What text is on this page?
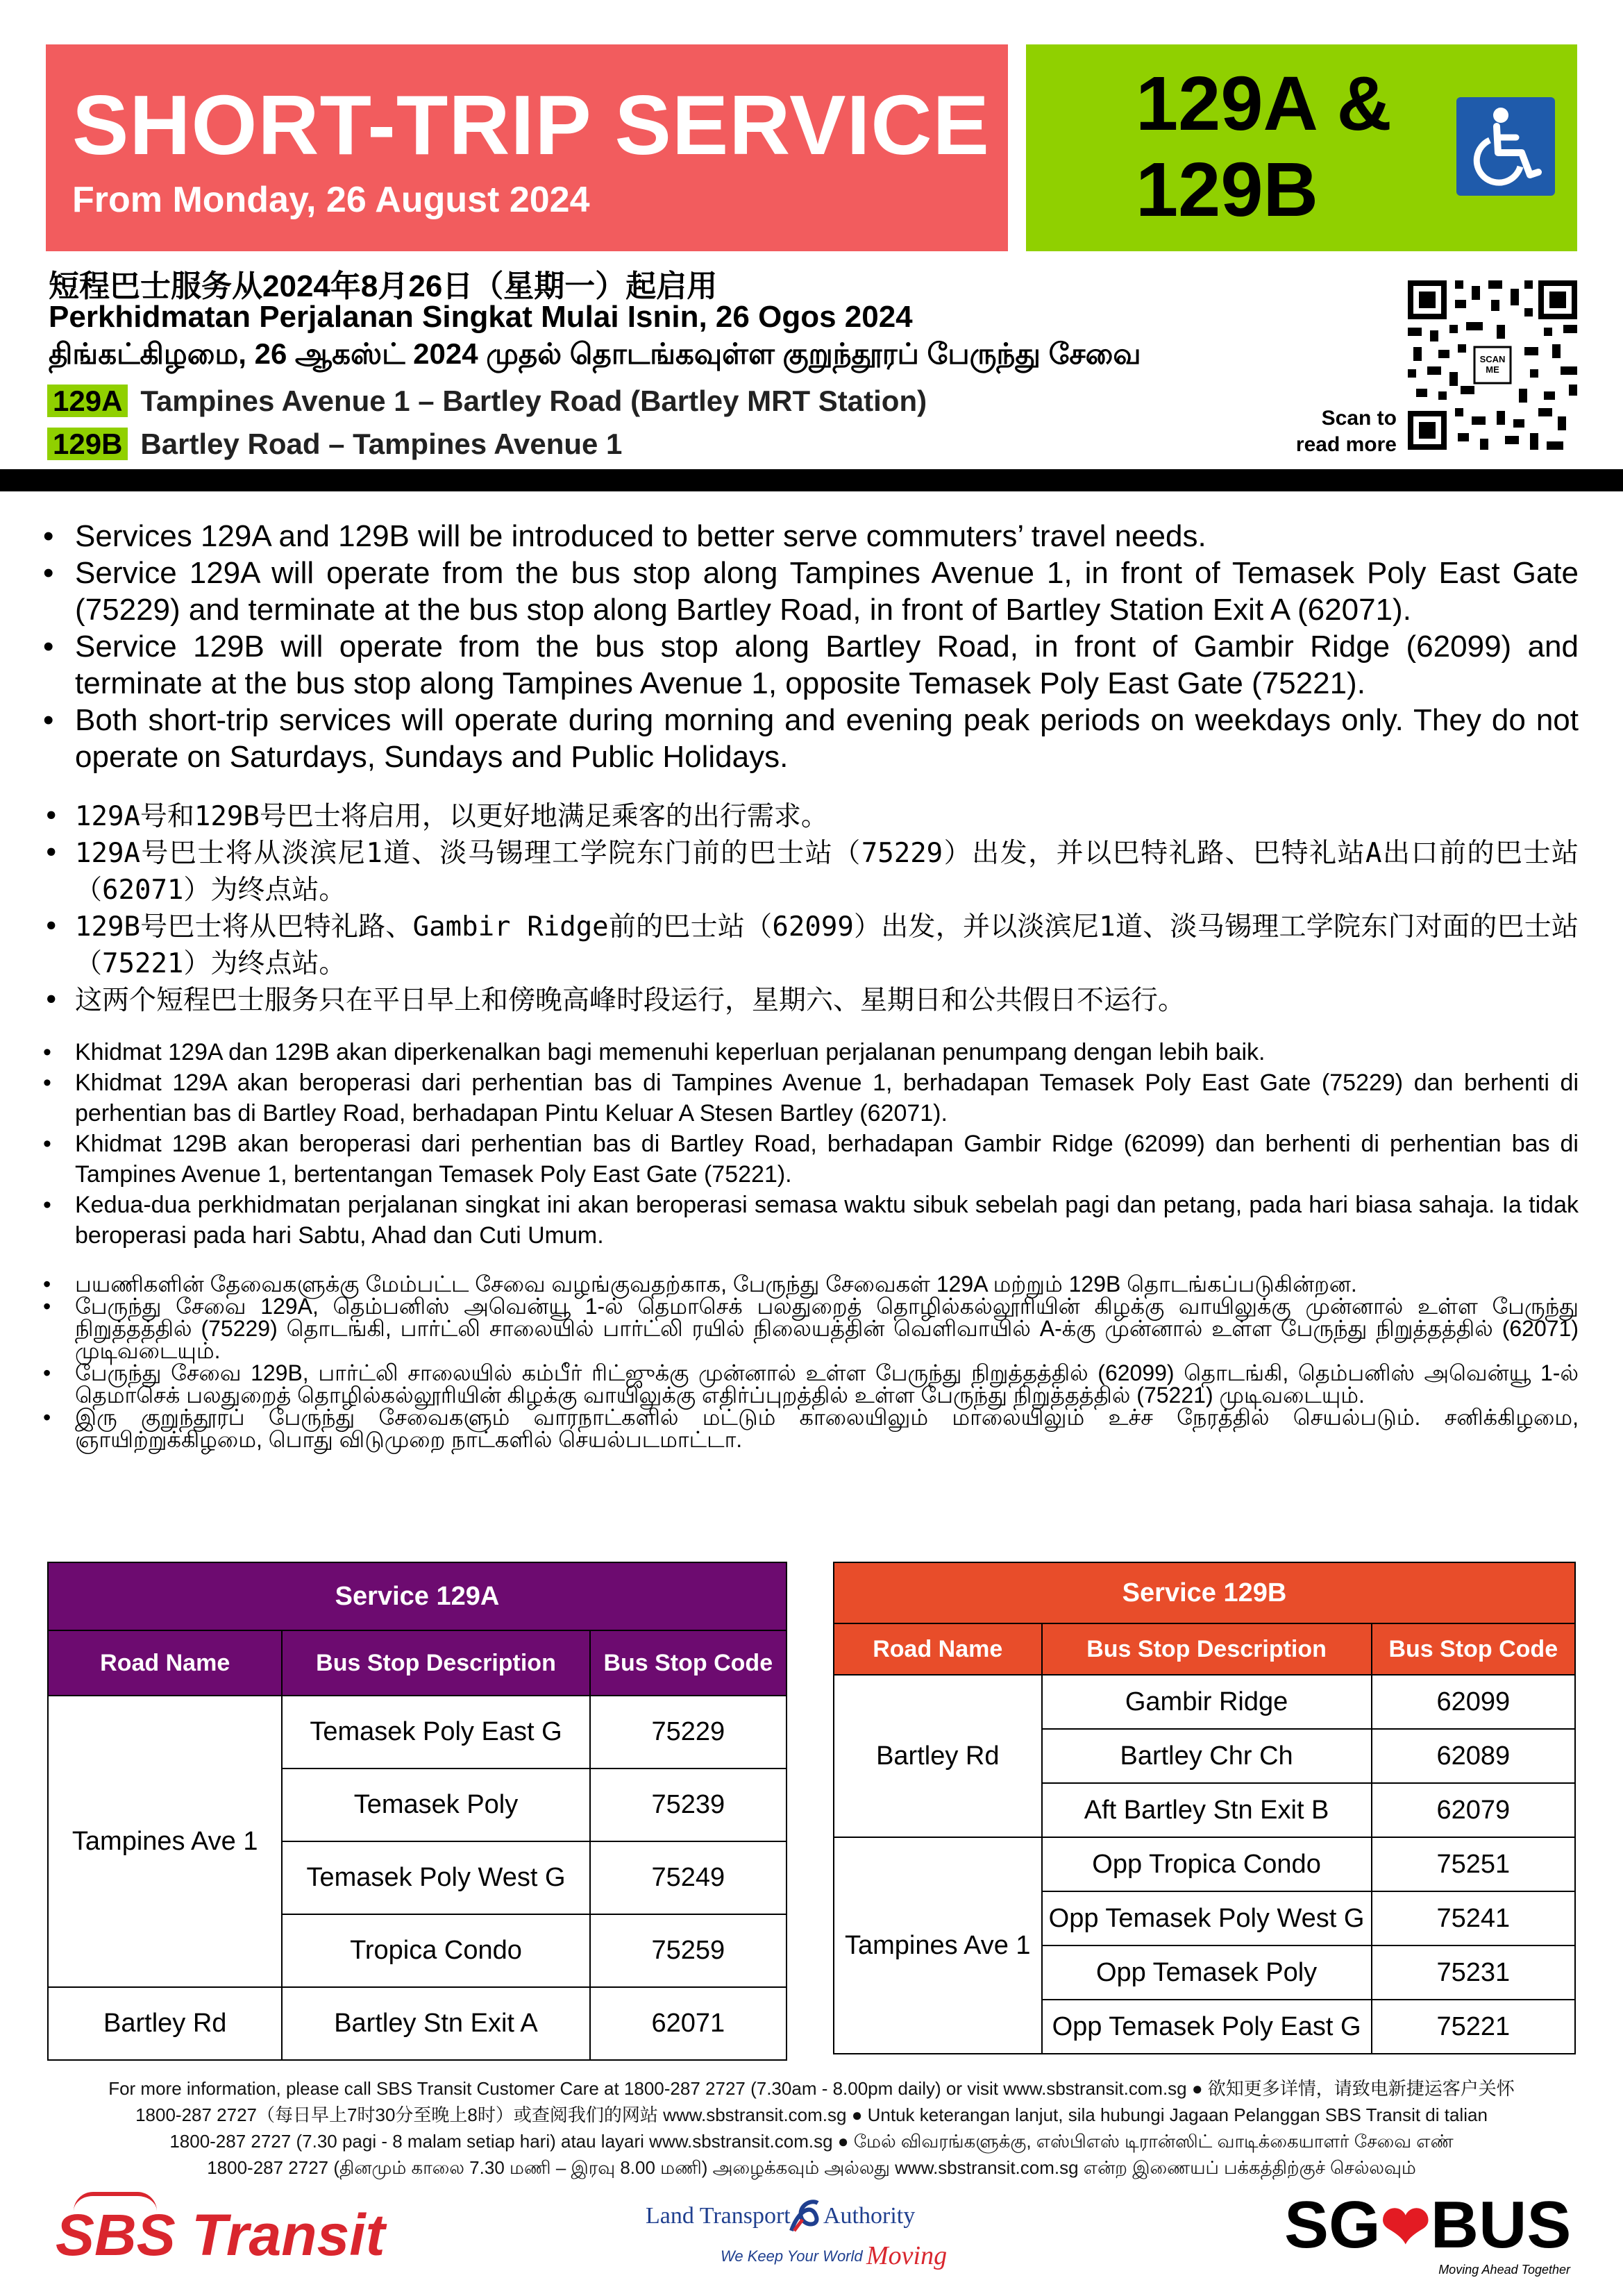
SHORT-TRIP SERVICE
From Monday, 26 August 2024
129A &
129B
短程巴士服务从2024年8月26日（星期一）起启用
Perkhidmatan Perjalanan Singkat Mulai Isnin, 26 Ogos 2024
திங்கட்கிழமை, 26 ஆகஸ்ட் 2024 முதல் தொடங்கவுள்ள குறுந்தூரப் பேருந்து சேவை
129A Tampines Avenue 1 – Bartley Road (Bartley MRT Station)
129B Bartley Road – Tampines Avenue 1
Scan to
read more
SCAN ME
• Services 129A and 129B will be introduced to better serve commuters’ travel needs.
• Service 129A will operate from the bus stop along Tampines Avenue 1, in front of Temasek Poly East Gate (75229) and terminate at the bus stop along Bartley Road, in front of Bartley Station Exit A (62071).
• Service 129B will operate from the bus stop along Bartley Road, in front of Gambir Ridge (62099) and terminate at the bus stop along Tampines Avenue 1, opposite Temasek Poly East Gate (75221).
• Both short-trip services will operate during morning and evening peak periods on weekdays only. They do not operate on Saturdays, Sundays and Public Holidays.
• 129A号和129B号巴士将启用，以更好地满足乘客的出行需求。
• 129A号巴士将从淡滨尼1道、淡马锡理工学院东门前的巴士站（75229）出发，并以巴特礼路、巴特礼站A出口前的巴士站（62071）为终点站。
• 129B号巴士将从巴特礼路、Gambir Ridge前的巴士站（62099）出发，并以淡滨尼1道、淡马锡理工学院东门对面的巴士站（75221）为终点站。
• 这两个短程巴士服务只在平日早上和傍晚高峰时段运行，星期六、星期日和公共假日不运行。
• Khidmat 129A dan 129B akan diperkenalkan bagi memenuhi keperluan perjalanan penumpang dengan lebih baik.
• Khidmat 129A akan beroperasi dari perhentian bas di Tampines Avenue 1, berhadapan Temasek Poly East Gate (75229) dan berhenti di perhentian bas di Bartley Road, berhadapan Pintu Keluar A Stesen Bartley (62071).
• Khidmat 129B akan beroperasi dari perhentian bas di Bartley Road, berhadapan Gambir Ridge (62099) dan berhenti di perhentian bas di Tampines Avenue 1, bertentangan Temasek Poly East Gate (75221).
• Kedua-dua perkhidmatan perjalanan singkat ini akan beroperasi semasa waktu sibuk sebelah pagi dan petang, pada hari biasa sahaja. Ia tidak beroperasi pada hari Sabtu, Ahad dan Cuti Umum.
• பயணிகளின் தேவைகளுக்கு மேம்பட்ட சேவை வழங்குவதற்காக, பேருந்து சேவைகள் 129A மற்றும் 129B தொடங்கப்படுகின்றன.
• பேருந்து சேவை 129A, தெம்பனிஸ் அவென்யூ 1-ல் தெமாசெக் பலதுறைத் தொழில்கல்லூரியின் கிழக்கு வாயிலுக்கு முன்னால் உள்ள பேருந்து நிறுத்தத்தில் (75229) தொடங்கி, பார்ட்லி சாலையில் பார்ட்லி ரயில் நிலையத்தின் வெளிவாயில் A-க்கு முன்னால் உள்ள பேருந்து நிறுத்தத்தில் (62071) முடிவடையும்.
• பேருந்து சேவை 129B, பார்ட்லி சாலையில் கம்பீர் ரிட்ஜுக்கு முன்னால் உள்ள பேருந்து நிறுத்தத்தில் (62099) தொடங்கி, தெம்பனிஸ் அவென்யூ 1-ல் தெமாசெக் பலதுறைத் தொழில்கல்லூரியின் கிழக்கு வாயிலுக்கு எதிர்ப்புறத்தில் உள்ள பேருந்து நிறுத்தத்தில் (75221) முடிவடையும்.
• இரு குறுந்தூரப் பேருந்து சேவைகளும் வாரநாட்களில் மட்டும் காலையிலும் மாலையிலும் உச்ச நேரத்தில் செயல்படும். சனிக்கிழமை, ஞாயிற்றுக்கிழமை, பொது விடுமுறை நாட்களில் செயல்படமாட்டா.
Service 129A		
Road Name	Bus Stop Description	Bus Stop Code
Tampines Ave 1	Temasek Poly East G	75229
	Temasek Poly	75239
	Temasek Poly West G	75249
	Tropica Condo	75259
Bartley Rd	Bartley Stn Exit A	62071
Service 129B		
Road Name	Bus Stop Description	Bus Stop Code
Bartley Rd	Gambir Ridge	62099
	Bartley Chr Ch	62089
	Aft Bartley Stn Exit B	62079
Tampines Ave 1	Opp Tropica Condo	75251
	Opp Temasek Poly West G	75241
	Opp Temasek Poly	75231
	Opp Temasek Poly East G	75221
For more information, please call SBS Transit Customer Care at 1800-287 2727 (7.30am - 8.00pm daily) or visit www.sbstransit.com.sg ● 欲知更多详情，请致电新捷运客户关怀
1800-287 2727（每日早上7时30分至晚上8时）或查阅我们的网站 www.sbstransit.com.sg ● Untuk keterangan lanjut, sila hubungi Jagaan Pelanggan SBS Transit di talian
1800-287 2727 (7.30 pagi - 8 malam setiap hari) atau layari www.sbstransit.com.sg ● மேல் விவரங்களுக்கு, எஸ்பிஎஸ் டிரான்ஸிட் வாடிக்கையாளர் சேவை எண்
1800-287 2727 (தினமும் காலை 7.30 மணி – இரவு 8.00 மணி) அழைக்கவும் அல்லது www.sbstransit.com.sg என்ற இணையப் பக்கத்திற்குச் செல்லவும்
SBS Transit	Land Transport Authority
We Keep Your World Moving	SG❤BUS
Moving Ahead Together
